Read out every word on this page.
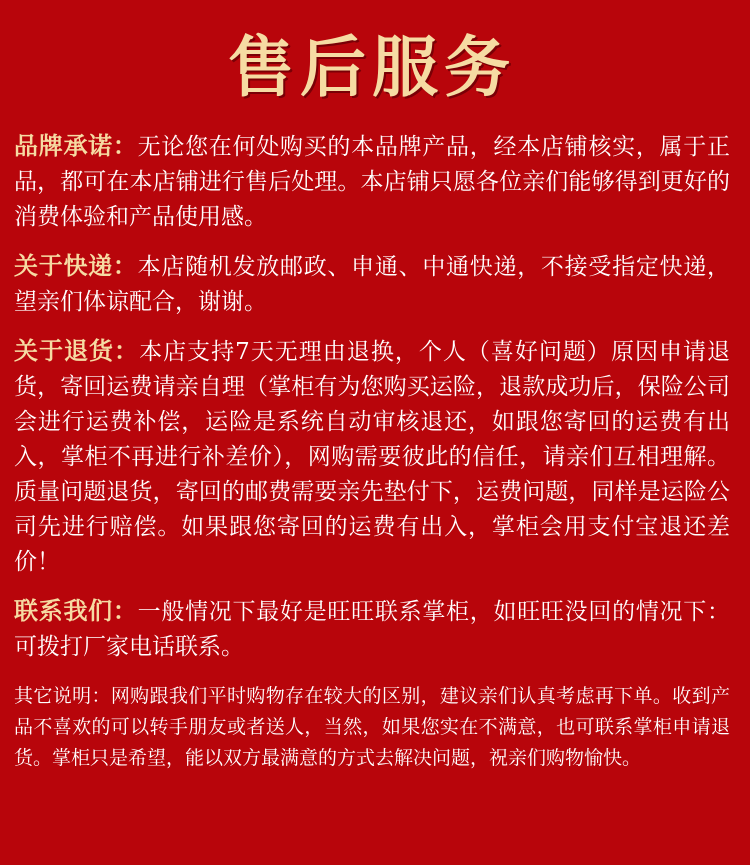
售后服务
品牌承诺：无论您在何处购买的本品牌产品，经本店铺核实，属于正品，都可在本店铺进行售后处理。本店铺只愿各位亲们能够得到更好的消费体验和产品使用感。
关于快递：本店随机发放邮政、申通、中通快递，不接受指定快递，望亲们体谅配合，谢谢。
关于退货：本店支持7天无理由退换，个人（喜好问题）原因申请退货，寄回运费请亲自理（掌柜有为您购买运险，退款成功后，保险公司会进行运费补偿，运险是系统自动审核退还，如跟您寄回的运费有出入，掌柜不再进行补差价），网购需要彼此的信任，请亲们互相理解。质量问题退货，寄回的邮费需要亲先垫付下，运费问题，同样是运险公司先进行赔偿。如果跟您寄回的运费有出入，掌柜会用支付宝退还差价！
联系我们：一般情况下最好是旺旺联系掌柜，如旺旺没回的情况下：可拨打厂家电话联系。
其它说明：网购跟我们平时购物存在较大的区别，建议亲们认真考虑再下单。收到产品不喜欢的可以转手朋友或者送人，当然，如果您实在不满意，也可联系掌柜申请退货。掌柜只是希望，能以双方最满意的方式去解决问题，祝亲们购物愉快。
